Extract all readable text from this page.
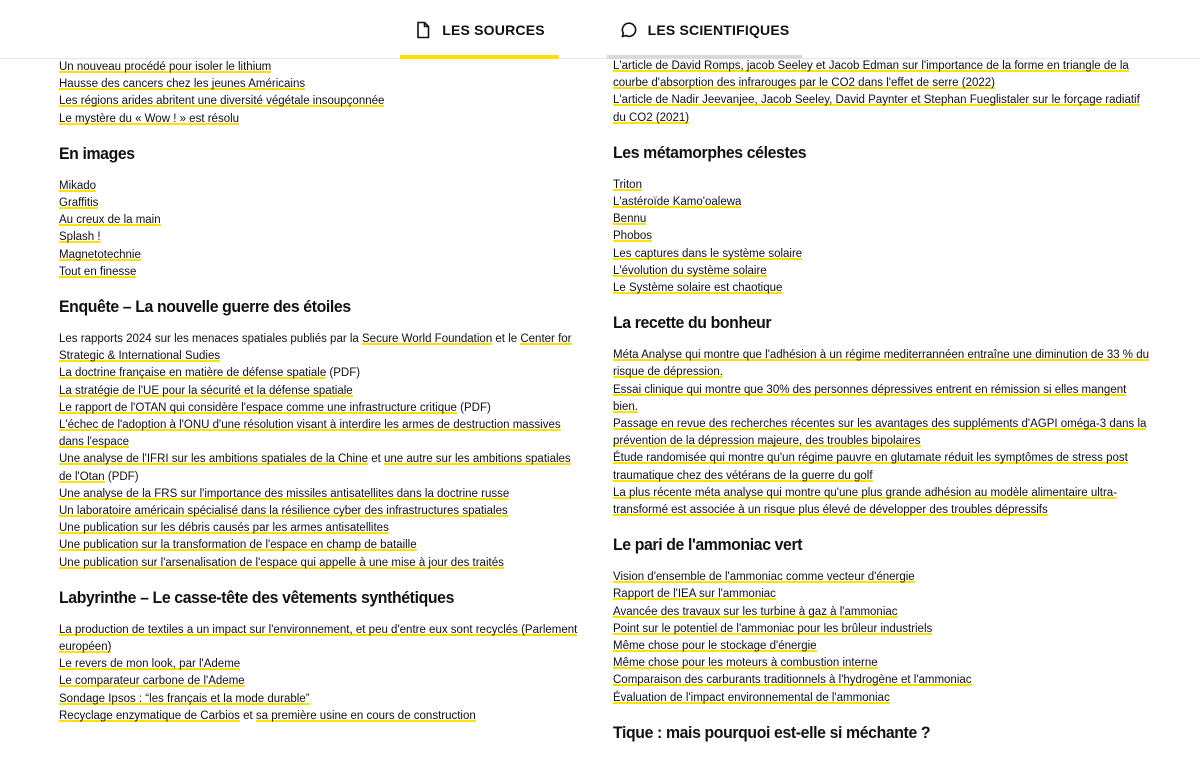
LES SOURCES	LES SCIENTIFIQUES
Un nouveau procédé pour isoler le lithium
Hausse des cancers chez les jeunes Américains
Les régions arides abritent une diversité végétale insoupçonnée
Le mystère du « Wow ! » est résolu
En images
Mikado
Graffitis
Au creux de la main
Splash !
Magnetotechnie
Tout en finesse
Enquête – La nouvelle guerre des étoiles
Les rapports 2024 sur les menaces spatiales publiés par la Secure World Foundation et le Center for Strategic & International Sudies
La doctrine française en matière de défense spatiale (PDF)
La stratégie de l'UE pour la sécurité et la défense spatiale
Le rapport de l'OTAN qui considère l'espace comme une infrastructure critique (PDF)
L'échec de l'adoption à l'ONU d'une résolution visant à interdire les armes de destruction massives dans l'espace
Une analyse de l'IFRI sur les ambitions spatiales de la Chine et une autre sur les ambitions spatiales de l'Otan (PDF)
Une analyse de la FRS sur l'importance des missiles antisatellites dans la doctrine russe
Un laboratoire américain spécialisé dans la résilience cyber des infrastructures spatiales
Une publication sur les débris causés par les armes antisatellites
Une publication sur la transformation de l'espace en champ de bataille
Une publication sur l'arsenalisation de l'espace qui appelle à une mise à jour des traités
Labyrinthe – Le casse-tête des vêtements synthétiques
La production de textiles a un impact sur l'environnement, et peu d'entre eux sont recyclés (Parlement européen)
Le revers de mon look, par l'Ademe
Le comparateur carbone de l'Ademe
Sondage Ipsos : “les français et la mode durable”
Recyclage enzymatique de Carbios et sa première usine en cours de construction
L'article de David Romps, jacob Seeley et Jacob Edman sur l'importance de la forme en triangle de la courbe d'absorption des infrarouges par le CO2 dans l'effet de serre (2022)
L'article de Nadir Jeevanjee, Jacob Seeley, David Paynter et Stephan Fueglistaler sur le forçage radiatif du CO2 (2021)
Les métamorphes célestes
Triton
L'astéroïde Kamo'oalewa
Bennu
Phobos
Les captures dans le système solaire
L'évolution du système solaire
Le Système solaire est chaotique
La recette du bonheur
Méta Analyse qui montre que l'adhésion à un régime mediterrannéen entraîne une diminution de 33 % du risque de dépression.
Essai clinique qui montre que 30% des personnes dépressives entrent en rémission si elles mangent bien.
Passage en revue des recherches récentes sur les avantages des suppléments d'AGPI oméga-3 dans la prévention de la dépression majeure, des troubles bipolaires
Étude randomisée qui montre qu'un régime pauvre en glutamate réduit les symptômes de stress post traumatique chez des vétérans de la guerre du golf
La plus récente méta analyse qui montre qu'une plus grande adhésion au modèle alimentaire ultra-transformé est associée à un risque plus élevé de développer des troubles dépressifs
Le pari de l'ammoniac vert
Vision d'ensemble de l'ammoniac comme vecteur d'énergie
Rapport de l'IEA sur l'ammoniac
Avancée des travaux sur les turbine à gaz à l'ammoniac
Point sur le potentiel de l'ammoniac pour les brûleur industriels
Même chose pour le stockage d'énergie
Même chose pour les moteurs à combustion interne
Comparaison des carburants traditionnels à l'hydrogène et l'ammoniac
Évaluation de l'impact environnemental de l'ammoniac
Tique : mais pourquoi est-elle si méchante ?
